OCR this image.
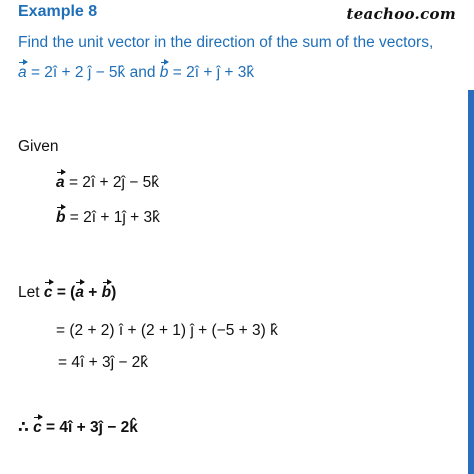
Example 8	teachoo.com
Find the unit vector in the direction of the sum of the vectors,
a = 2î + 2 ĵ − 5k̂ and b = 2î + ĵ + 3k̂
Given
a = 2î + 2ĵ − 5k̂
b = 2î + 1ĵ + 3k̂
Let c = (a + b)
= (2 + 2) î + (2 + 1) ĵ + (−5 + 3) k̂
= 4î + 3ĵ − 2k̂
∴ c = 4î + 3ĵ − 2k̂
